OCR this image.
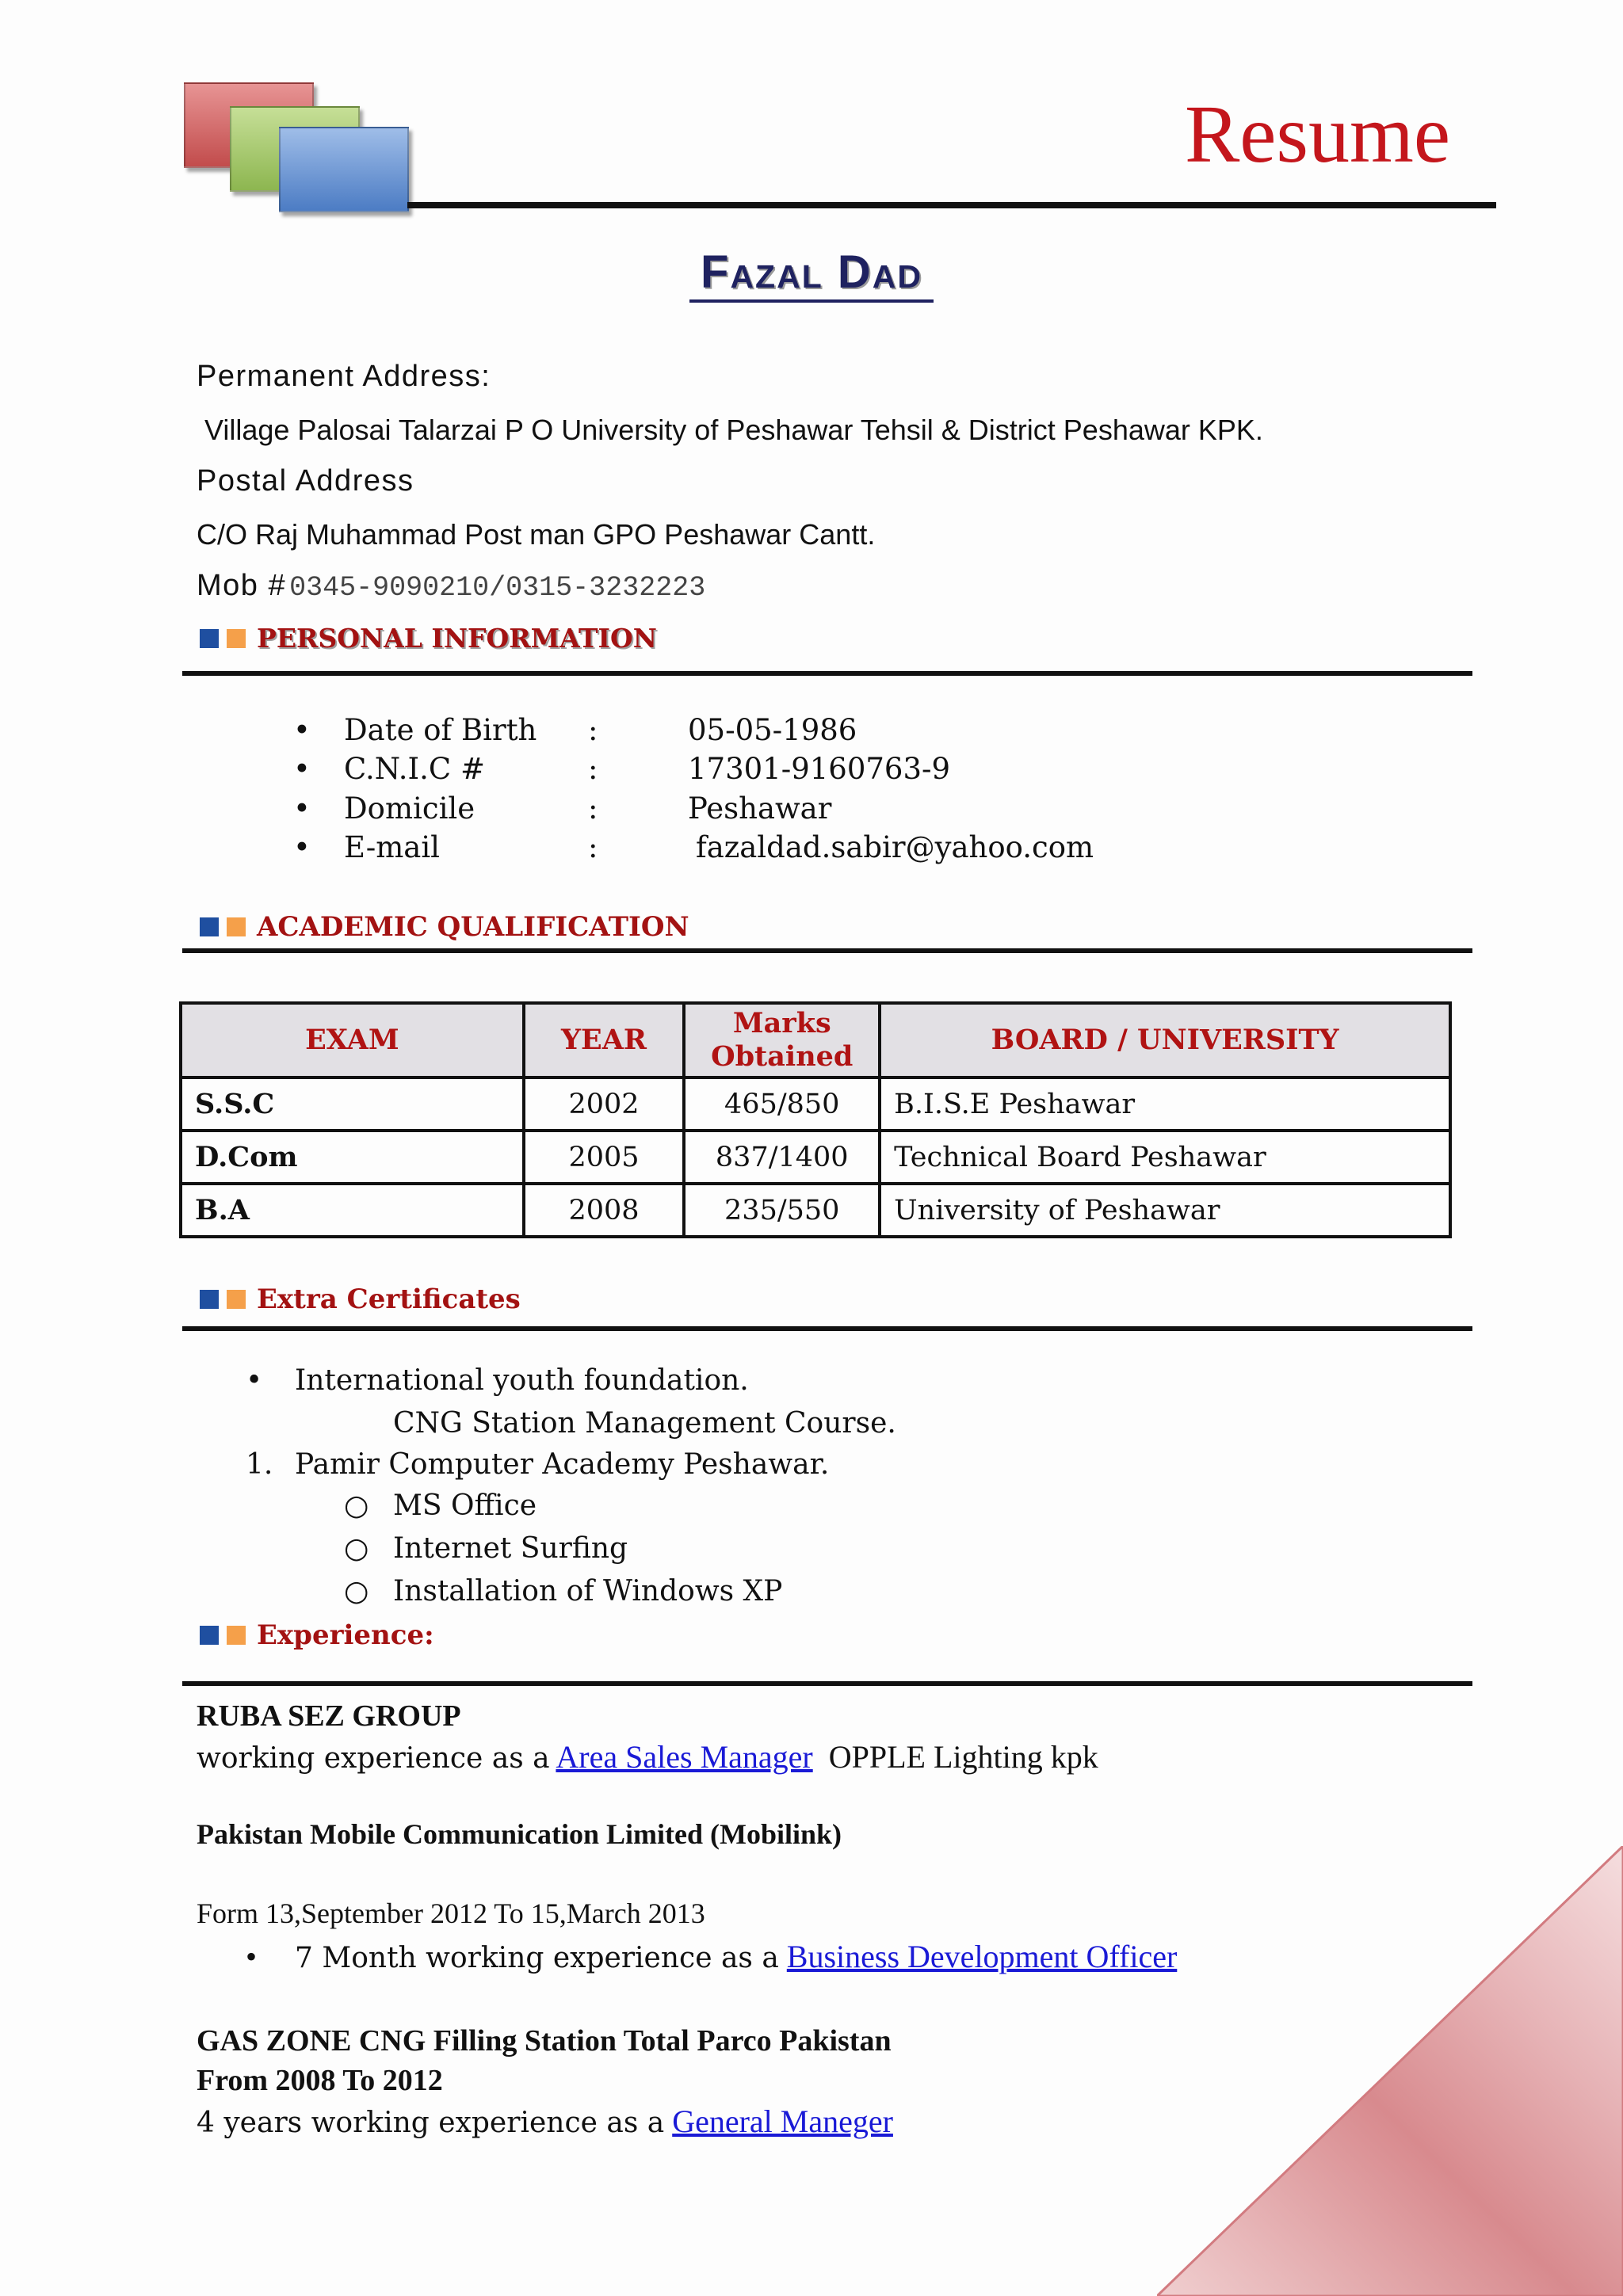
Resume
Fazal Dad
Permanent Address:
Village Palosai Talarzai P O University of Peshawar Tehsil & District Peshawar KPK.
Postal Address
C/O Raj Muhammad Post man GPO Peshawar Cantt.
Mob # 0345-9090210/0315-3232223
PERSONAL INFORMATION
• Date of Birth :	05-05-1986
• C.N.I.C #	:	17301-9160763-9
• Domicile	:	Peshawar
• E-mail	:	fazaldad.sabir@yahoo.com
ACADEMIC QUALIFICATION
EXAM	YEAR	Marks Obtained	BOARD / UNIVERSITY
S.S.C	2002	465/850	B.I.S.E Peshawar
D.Com	2005	837/1400	Technical Board Peshawar
B.A	2008	235/550	University of Peshawar
Extra Certificates
• International youth foundation.
CNG Station Management Course.
1. Pamir Computer Academy Peshawar.
○ MS Office
○ Internet Surfing
○ Installation of Windows XP
Experience:
RUBA SEZ GROUP
working experience as a Area Sales Manager OPPLE Lighting kpk
Pakistan Mobile Communication Limited (Mobilink)
Form 13,September 2012 To 15,March 2013
• 7 Month working experience as a Business Development Officer
GAS ZONE CNG Filling Station Total Parco Pakistan
From 2008 To 2012
4 years working experience as a General Maneger
